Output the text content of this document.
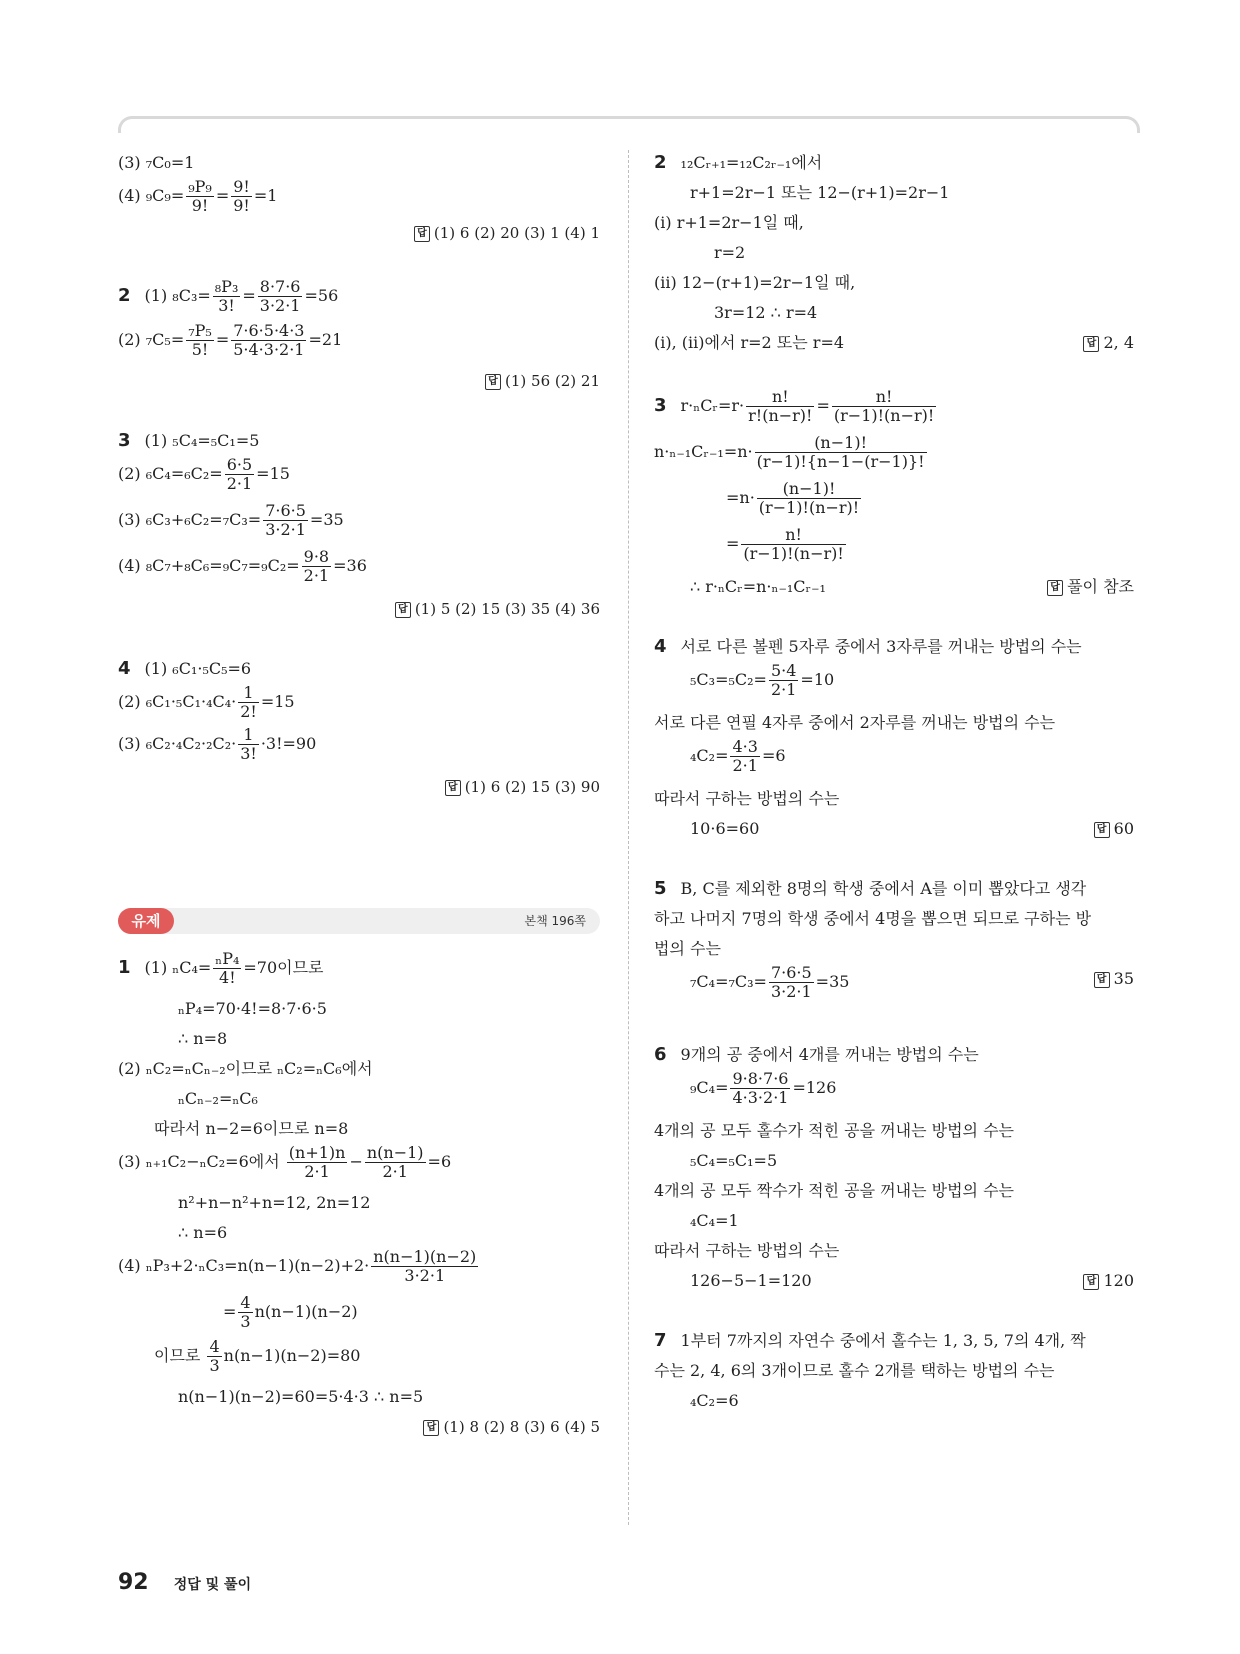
(3) ₇C₀=1
(4) $_9C_9= \frac{\text{₉P₉}}{9!} = \frac{9!}{9!} =1$
답 (1) 6 (2) 20 (3) 1 (4) 1
2 (1) $_8C_3= \frac{\text{₈P₃}}{3!} = \frac{8\cdot 7\cdot 6}{3\cdot 2\cdot 1} =56$
(2) $_7C_5= \frac{\text{₇P₅}}{5!} = \frac{7\cdot 6\cdot 5\cdot 4\cdot 3}{5\cdot 4\cdot 3\cdot 2\cdot 1} =21$
답 (1) 56 (2) 21
3 (1) ₅C₄=₅C₁=5
(2) $_6C_4=_6C_2= \frac{6\cdot 5}{2\cdot 1} =15$
(3) $_6C_3+_6C_2=_7C_3= \frac{7\cdot 6\cdot 5}{3\cdot 2\cdot 1} =35$
(4) $_8C_7+_8C_6=_9C_7=_9C_2= \frac{9\cdot 8}{2\cdot 1} =36$
답 (1) 5 (2) 15 (3) 35 (4) 36
4 (1) ₆C₁·₅C₅=6
(2) $_6C_1\cdot_5C_1\cdot_4C_4\cdot \frac{1}{2!} =15$
(3) $_6C_2\cdot_4C_2\cdot_2C_2\cdot \frac{1}{3!} \cdot 3!=90$
답 (1) 6 (2) 15 (3) 90
유제	본책 196쪽
1 (1) $_nC_4= \frac{\text{ₙP₄}}{4!} =70$이므로
ₙP₄=70·4!=8·7·6·5
∴ n=8
(2) ₙC₂=ₙCₙ₋₂이므로 ₙC₂=ₙC₆에서
ₙCₙ₋₂=ₙC₆
따라서 n−2=6이므로 n=8
(3) ₙ₊₁C₂−ₙC₂=6에서 $\frac{(n+1)n}{2\cdot 1} - \frac{n(n-1)}{2\cdot 1} =6$
n²+n−n²+n=12, 2n=12
∴ n=6
(4) $_nP_3+2\cdot_nC_3=n(n-1)(n-2)+2\cdot \frac{n(n-1)(n-2)}{3\cdot 2\cdot 1}$
= $\frac{4}{3} n(n-1)(n-2)$
이므로 $\frac{4}{3} n(n-1)(n-2)=80$
n(n−1)(n−2)=60=5·4·3 ∴ n=5
답 (1) 8 (2) 8 (3) 6 (4) 5
2 ₁₂Cᵣ₊₁=₁₂C₂ᵣ₋₁에서
r+1=2r−1 또는 12−(r+1)=2r−1
(ⅰ) r+1=2r−1일 때,
r=2
(ⅱ) 12−(r+1)=2r−1일 때,
3r=12 ∴ r=4
(ⅰ), (ⅱ)에서 r=2 또는 r=4	답 2, 4
3 r·ₙCᵣ=r· $\frac{n!}{r!(n-r)!} = \frac{n!}{(r-1)!(n-r)!}$
n·ₙ₋₁Cᵣ₋₁=n· $\frac{(n-1)!}{(r-1)!\{n-1-(r-1)\}!}$
$=n\cdot \frac{(n-1)!}{(r-1)!(n-r)!}$
= $\frac{n!}{(r-1)!(n-r)!}$
∴ r·ₙCᵣ=n·ₙ₋₁Cᵣ₋₁	답 풀이 참조
4 서로 다른 볼펜 5자루 중에서 3자루를 꺼내는 방법의 수는
$_5C_3=_5C_2= \frac{5\cdot 4}{2\cdot 1} =10$
서로 다른 연필 4자루 중에서 2자루를 꺼내는 방법의 수는
$_4C_2= \frac{4\cdot 3}{2\cdot 1} =6$
따라서 구하는 방법의 수는
10·6=60	답 60
5 B, C를 제외한 8명의 학생 중에서 A를 이미 뽑았다고 생각
하고 나머지 7명의 학생 중에서 4명을 뽑으면 되므로 구하는 방
법의 수는
$_7C_4=_7C_3= \frac{7\cdot 6\cdot 5}{3\cdot 2\cdot 1} =35$	답 35
6 9개의 공 중에서 4개를 꺼내는 방법의 수는
$_9C_4= \frac{9\cdot 8\cdot 7\cdot 6}{4\cdot 3\cdot 2\cdot 1} =126$
4개의 공 모두 홀수가 적힌 공을 꺼내는 방법의 수는
₅C₄=₅C₁=5
4개의 공 모두 짝수가 적힌 공을 꺼내는 방법의 수는
₄C₄=1
따라서 구하는 방법의 수는
126−5−1=120	답 120
7 1부터 7까지의 자연수 중에서 홀수는 1, 3, 5, 7의 4개, 짝
수는 2, 4, 6의 3개이므로 홀수 2개를 택하는 방법의 수는
₄C₂=6
92 정답 및 풀이
